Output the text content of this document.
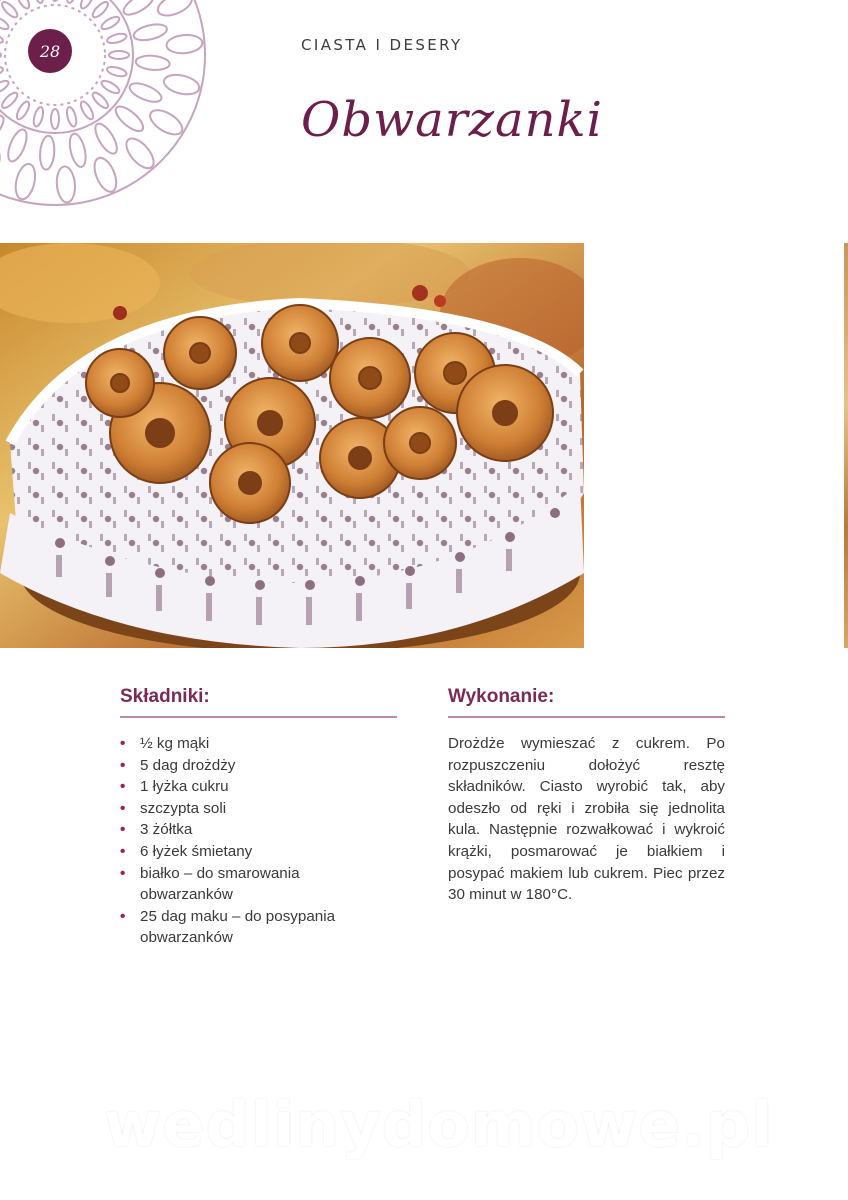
28	CIASTA I DESERY
Obwarzanki
Składniki:
• ½ kg mąki
• 5 dag drożdży
• 1 łyżka cukru
• szczypta soli
• 3 żółtka
• 6 łyżek śmietany
• białko – do smarowania obwarzanków
• 25 dag maku – do posypania obwarzanków
Wykonanie:

Drożdże wymieszać z cukrem. Po rozpuszczeniu dołożyć resztę składników. Ciasto wyrobić tak, aby odeszło od ręki i zrobiła się jednolita kula. Następnie rozwałkować i wykroić krążki, posmarować je białkiem i posypać makiem lub cukrem. Piec przez 30 minut w 180°C.

wedlinydomowe.pl
